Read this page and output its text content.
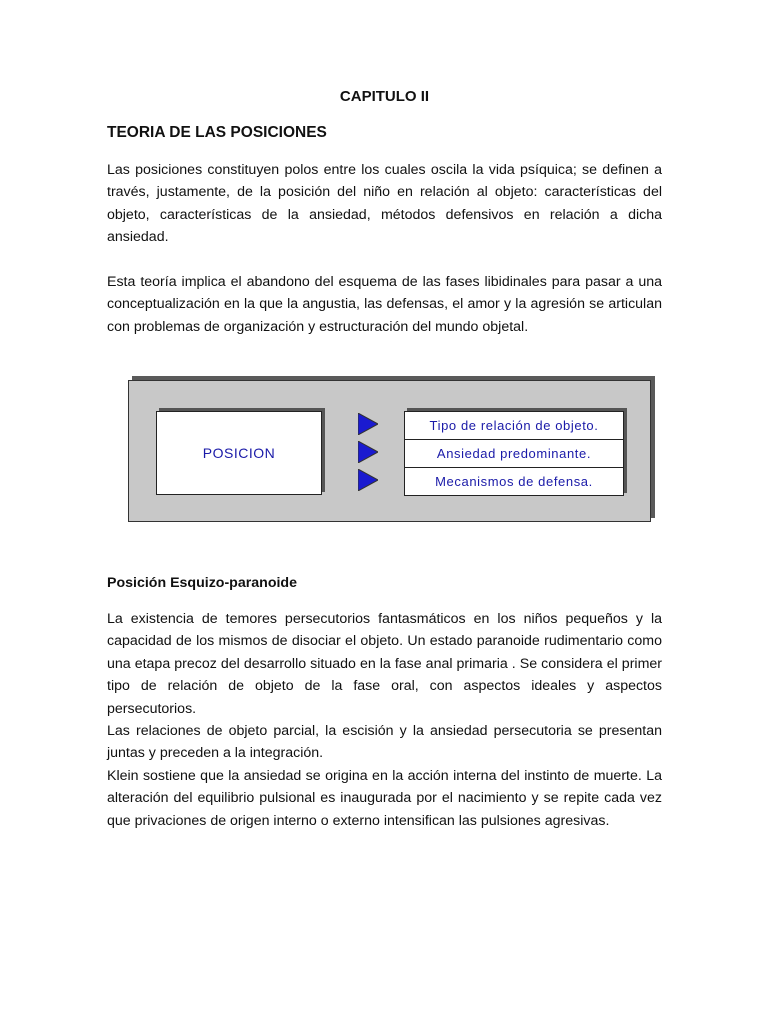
CAPITULO II
TEORIA DE LAS POSICIONES

Las posiciones constituyen polos entre los cuales oscila la vida psíquica; se definen a través, justamente, de la posición del niño en relación al objeto: características del objeto, características de la ansiedad, métodos defensivos en relación a dicha ansiedad.

Esta teoría implica el abandono del esquema de las fases libidinales para pasar a una conceptualización en la que la angustia, las defensas, el amor y la agresión se articulan con problemas de organización y estructuración del mundo objetal.

Posición Esquizo-paranoide

La existencia de temores persecutorios fantasmáticos en los niños pequeños y la capacidad de los mismos de disociar el objeto. Un estado paranoide rudimentario como una etapa precoz del desarrollo situado en la fase anal primaria . Se considera el primer tipo de relación de objeto de la fase oral, con aspectos ideales y aspectos persecutorios.

Las relaciones de objeto parcial, la escisión y la ansiedad persecutoria se presentan juntas y preceden a la integración.

Klein sostiene que la ansiedad se origina en la acción interna del instinto de muerte. La alteración del equilibrio pulsional es inaugurada por el nacimiento y se repite cada vez que privaciones de origen interno o externo intensifican las pulsiones agresivas.

POSICION
Tipo de relación de objeto.
Ansiedad predominante.
Mecanismos de defensa.
